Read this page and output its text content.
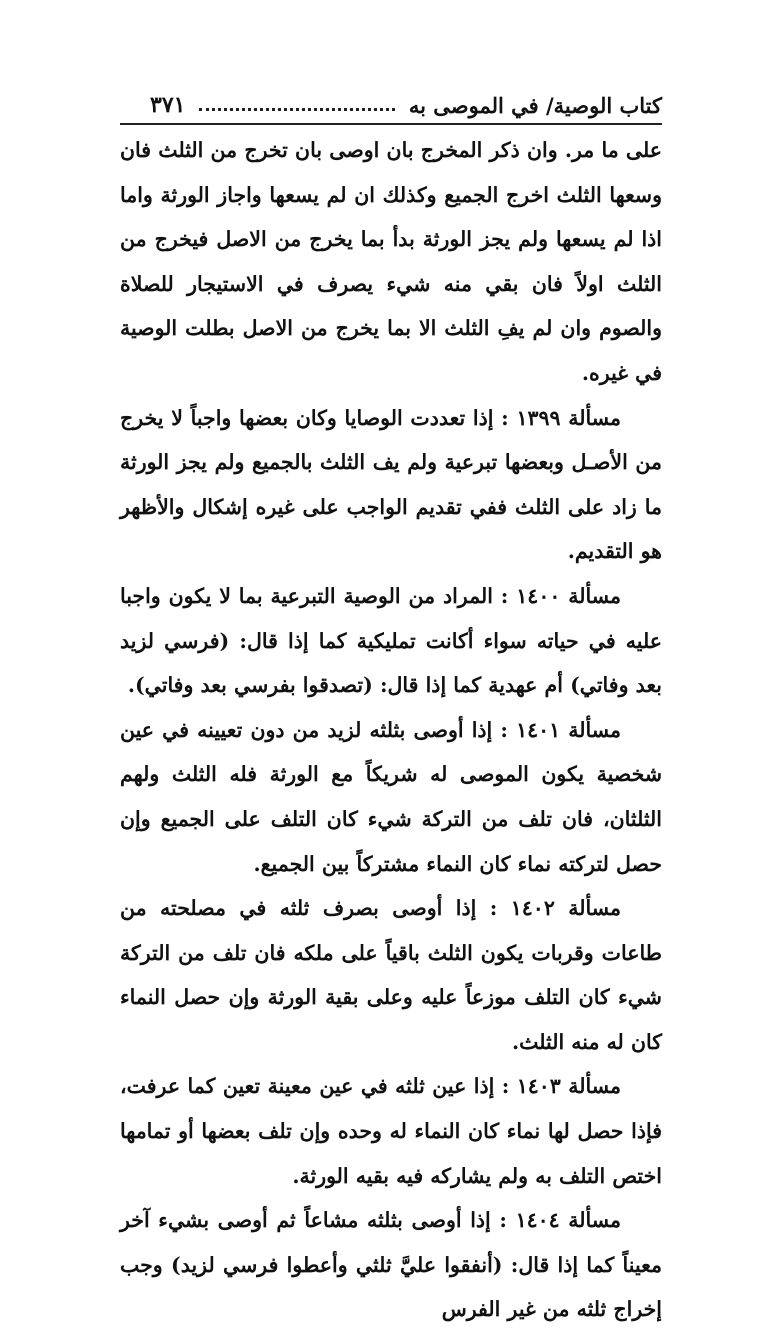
كتاب الوصية/ في الموصى به
٣٧١

على ما مر. وان ذكر المخرج بان اوصى بان تخرج من الثلث فان وسعها الثلث اخرج الجميع وكذلك ان لم يسعها واجاز الورثة واما اذا لم يسعها ولم يجز الورثة بدأ بما يخرج من الاصل فيخرج من الثلث اولاً فان بقي منه شيء يصرف في الاستيجار للصلاة والصوم وان لم يفِ الثلث الا بما يخرج من الاصل بطلت الوصية في غيره.

مسألة ١٣٩٩ : إذا تعددت الوصايا وكان بعضها واجباً لا يخرج من الأصـل وبعضها تبرعية ولم يف الثلث بالجميع ولم يجز الورثة ما زاد على الثلث ففي تقديم الواجب على غيره إشكال والأظهر هو التقديم.

مسألة ١٤٠٠ : المراد من الوصية التبرعية بما لا يكون واجبا عليه في حياته سواء أكانت تمليكية كما إذا قال: (فرسي لزيد بعد وفاتي) أم عهدية كما إذا قال: (تصدقوا بفرسي بعد وفاتي).

مسألة ١٤٠١ : إذا أوصى بثلثه لزيد من دون تعيينه في عين شخصية يكون الموصى له شريكاً مع الورثة فله الثلث ولهم الثلثان، فان تلف من التركة شيء كان التلف على الجميع وإن حصل لتركته نماء كان النماء مشتركاً بين الجميع.

مسألة ١٤٠٢ : إذا أوصى بصرف ثلثه في مصلحته من طاعات وقربات يكون الثلث باقياً على ملكه فان تلف من التركة شيء كان التلف موزعاً عليه وعلى بقية الورثة وإن حصل النماء كان له منه الثلث.

مسألة ١٤٠٣ : إذا عين ثلثه في عين معينة تعين كما عرفت، فإذا حصل لها نماء كان النماء له وحده وإن تلف بعضها أو تمامها اختص التلف به ولم يشاركه فيه بقيه الورثة.

مسألة ١٤٠٤ : إذا أوصى بثلثه مشاعاً ثم أوصى بشيء آخر معيناً كما إذا قال: (أنفقوا عليَّ ثلثي وأعطوا فرسي لزيد) وجب إخراج ثلثه من غير الفرس
